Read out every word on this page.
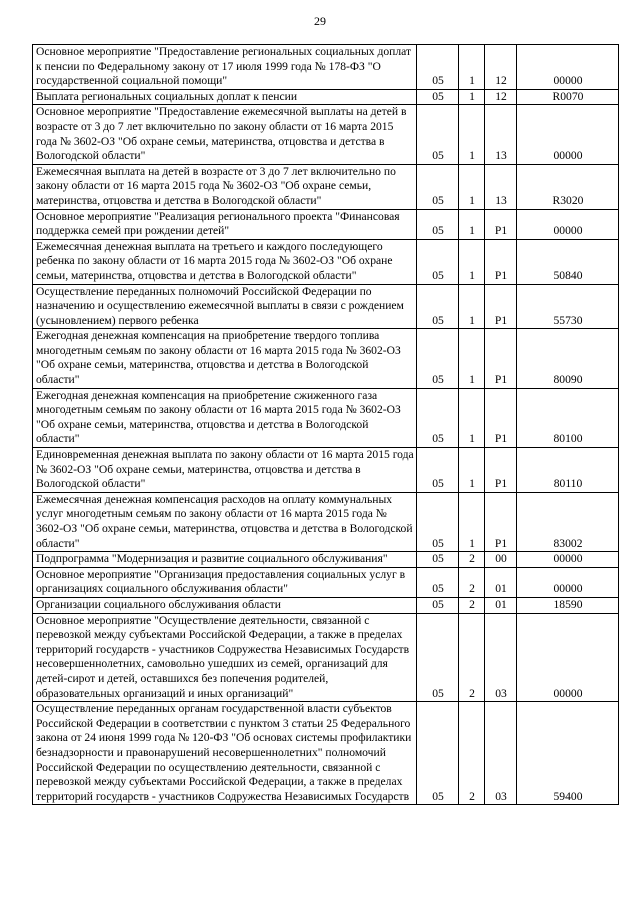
29
Основное мероприятие "Предоставление региональных социальных доплат к пенсии по Федеральному закону от 17 июля 1999 года № 178-ФЗ "О государственной социальной помощи"	05	1	12	00000
Выплата региональных социальных доплат к пенсии	05	1	12	R0070
Основное мероприятие "Предоставление ежемесячной выплаты на детей в возрасте от 3 до 7 лет включительно по закону области от 16 марта 2015 года № 3602-ОЗ "Об охране семьи, материнства, отцовства и детства в Вологодской области"	05	1	13	00000
Ежемесячная выплата на детей в возрасте от 3 до 7 лет включительно по закону области от 16 марта 2015 года № 3602-ОЗ "Об охране семьи, материнства, отцовства и детства в Вологодской области"	05	1	13	R3020
Основное мероприятие "Реализация регионального проекта "Финансовая поддержка семей при рождении детей"	05	1	P1	00000
Ежемесячная денежная выплата на третьего и каждого последующего ребенка по закону области от 16 марта 2015 года № 3602-ОЗ "Об охране семьи, материнства, отцовства и детства в Вологодской области"	05	1	P1	50840
Осуществление переданных полномочий Российской Федерации по назначению и осуществлению ежемесячной выплаты в связи с рождением (усыновлением) первого ребенка	05	1	P1	55730
Ежегодная денежная компенсация на приобретение твердого топлива многодетным семьям по закону области от 16 марта 2015 года № 3602-ОЗ "Об охране семьи, материнства, отцовства и детства в Вологодской области"	05	1	P1	80090
Ежегодная денежная компенсация на приобретение сжиженного газа многодетным семьям по закону области от 16 марта 2015 года № 3602-ОЗ "Об охране семьи, материнства, отцовства и детства в Вологодской области"	05	1	P1	80100
Единовременная денежная выплата по закону области от 16 марта 2015 года № 3602-ОЗ "Об охране семьи, материнства, отцовства и детства в Вологодской области"	05	1	P1	80110
Ежемесячная денежная компенсация расходов на оплату коммунальных услуг многодетным семьям по закону области от 16 марта 2015 года № 3602-ОЗ "Об охране семьи, материнства, отцовства и детства в Вологодской области"	05	1	P1	83002
Подпрограмма "Модернизация и развитие социального обслуживания"	05	2	00	00000
Основное мероприятие "Организация предоставления социальных услуг в организациях социального обслуживания области"	05	2	01	00000
Организации социального обслуживания области	05	2	01	18590
Основное мероприятие "Осуществление деятельности, связанной с перевозкой между субъектами Российской Федерации, а также в пределах территорий государств - участников Содружества Независимых Государств несовершеннолетних, самовольно ушедших из семей, организаций для детей-сирот и детей, оставшихся без попечения родителей, образовательных организаций и иных организаций"	05	2	03	00000
Осуществление переданных органам государственной власти субъектов Российской Федерации в соответствии с пунктом 3 статьи 25 Федерального закона от 24 июня 1999 года № 120-ФЗ "Об основах системы профилактики безнадзорности и правонарушений несовершеннолетних" полномочий Российской Федерации по осуществлению деятельности, связанной с перевозкой между субъектами Российской Федерации, а также в пределах территорий государств - участников Содружества Независимых Государств	05	2	03	59400
